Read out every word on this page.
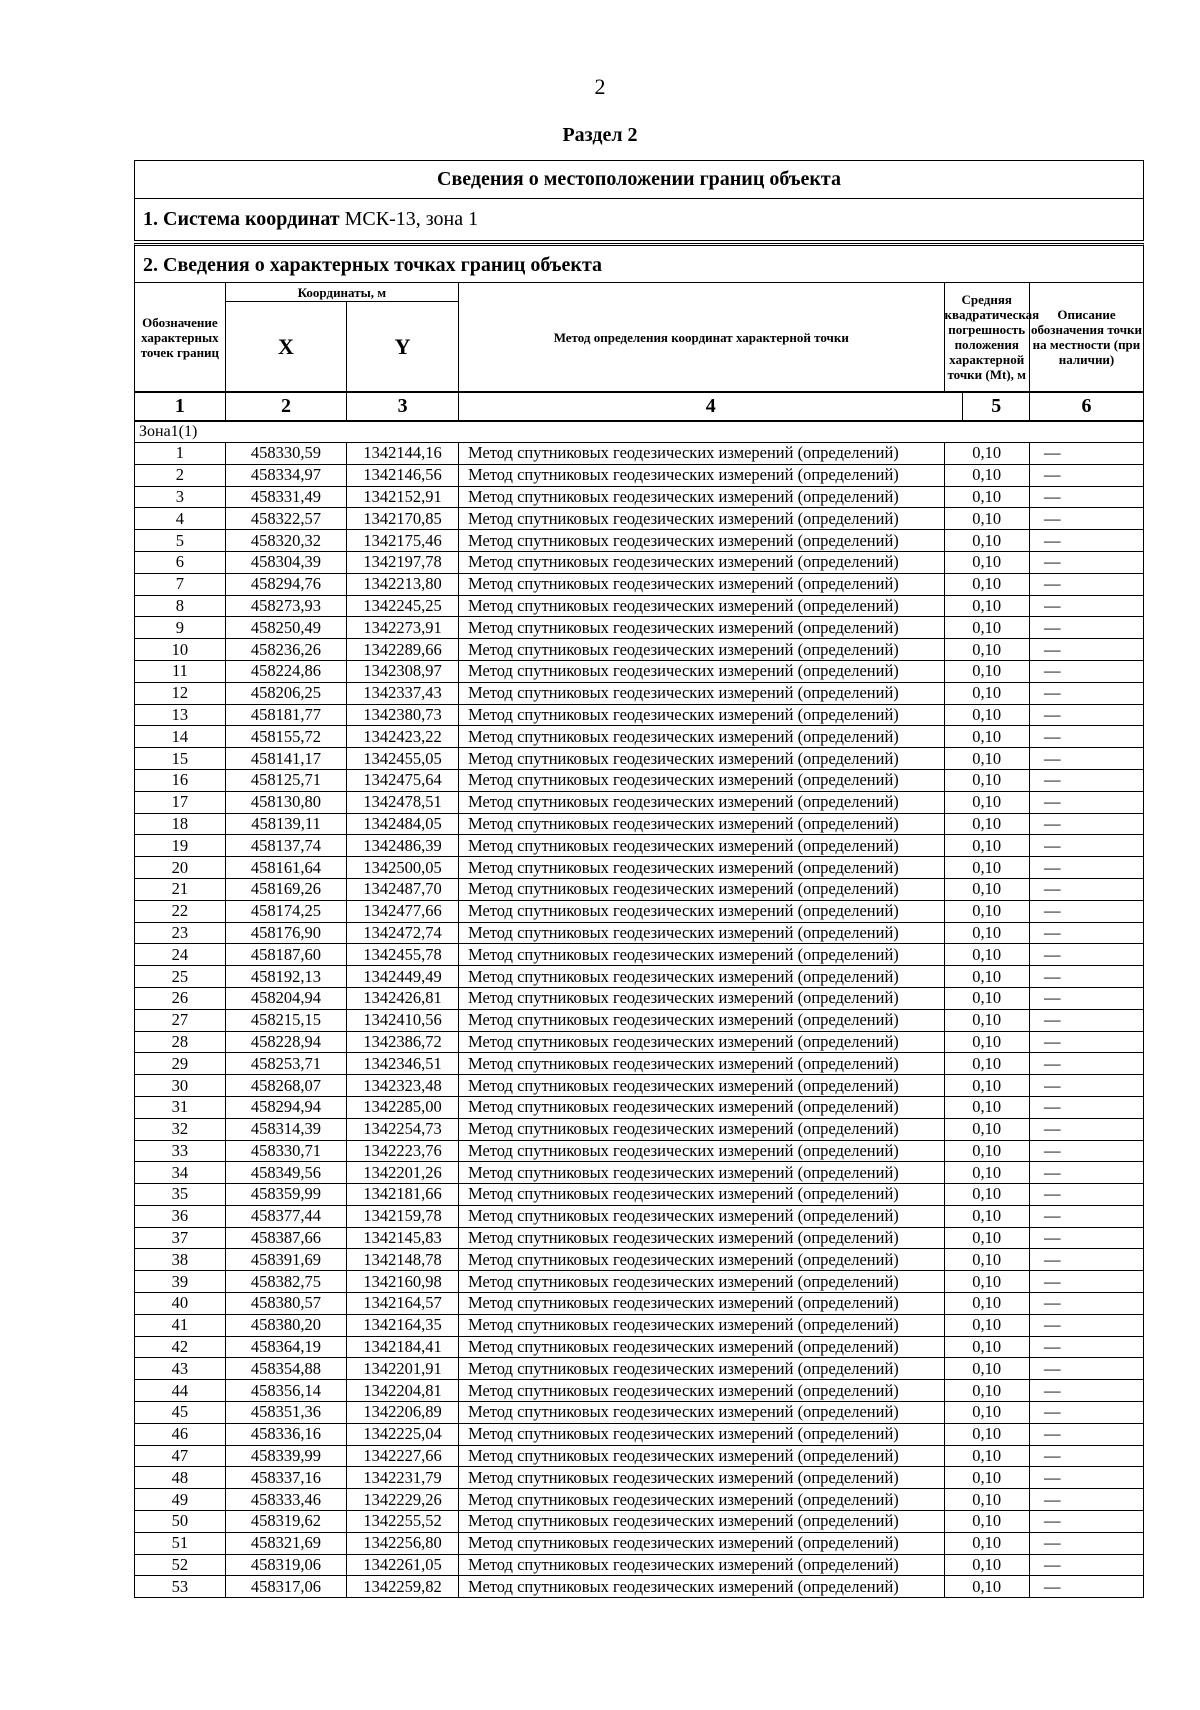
2
Раздел 2
Сведения о местоположении границ объекта
1. Система координат МСК-13, зона 1
2. Сведения о характерных точках границ объекта
Обозначение характерных точек границ	Координаты, м		Метод определения координат характерной точки	Средняя квадратическая погрешность положения характерной точки (Mt), м		Описание обозначения точки на местности (при наличии)
	X	Y				
1	2	3	4		5	6
Зона1(1)						
1	458330,59	1342144,16	Метод спутниковых геодезических измерений (определений)	0,10		—
2	458334,97	1342146,56	Метод спутниковых геодезических измерений (определений)	0,10		—
3	458331,49	1342152,91	Метод спутниковых геодезических измерений (определений)	0,10		—
4	458322,57	1342170,85	Метод спутниковых геодезических измерений (определений)	0,10		—
5	458320,32	1342175,46	Метод спутниковых геодезических измерений (определений)	0,10		—
6	458304,39	1342197,78	Метод спутниковых геодезических измерений (определений)	0,10		—
7	458294,76	1342213,80	Метод спутниковых геодезических измерений (определений)	0,10		—
8	458273,93	1342245,25	Метод спутниковых геодезических измерений (определений)	0,10		—
9	458250,49	1342273,91	Метод спутниковых геодезических измерений (определений)	0,10		—
10	458236,26	1342289,66	Метод спутниковых геодезических измерений (определений)	0,10		—
11	458224,86	1342308,97	Метод спутниковых геодезических измерений (определений)	0,10		—
12	458206,25	1342337,43	Метод спутниковых геодезических измерений (определений)	0,10		—
13	458181,77	1342380,73	Метод спутниковых геодезических измерений (определений)	0,10		—
14	458155,72	1342423,22	Метод спутниковых геодезических измерений (определений)	0,10		—
15	458141,17	1342455,05	Метод спутниковых геодезических измерений (определений)	0,10		—
16	458125,71	1342475,64	Метод спутниковых геодезических измерений (определений)	0,10		—
17	458130,80	1342478,51	Метод спутниковых геодезических измерений (определений)	0,10		—
18	458139,11	1342484,05	Метод спутниковых геодезических измерений (определений)	0,10		—
19	458137,74	1342486,39	Метод спутниковых геодезических измерений (определений)	0,10		—
20	458161,64	1342500,05	Метод спутниковых геодезических измерений (определений)	0,10		—
21	458169,26	1342487,70	Метод спутниковых геодезических измерений (определений)	0,10		—
22	458174,25	1342477,66	Метод спутниковых геодезических измерений (определений)	0,10		—
23	458176,90	1342472,74	Метод спутниковых геодезических измерений (определений)	0,10		—
24	458187,60	1342455,78	Метод спутниковых геодезических измерений (определений)	0,10		—
25	458192,13	1342449,49	Метод спутниковых геодезических измерений (определений)	0,10		—
26	458204,94	1342426,81	Метод спутниковых геодезических измерений (определений)	0,10		—
27	458215,15	1342410,56	Метод спутниковых геодезических измерений (определений)	0,10		—
28	458228,94	1342386,72	Метод спутниковых геодезических измерений (определений)	0,10		—
29	458253,71	1342346,51	Метод спутниковых геодезических измерений (определений)	0,10		—
30	458268,07	1342323,48	Метод спутниковых геодезических измерений (определений)	0,10		—
31	458294,94	1342285,00	Метод спутниковых геодезических измерений (определений)	0,10		—
32	458314,39	1342254,73	Метод спутниковых геодезических измерений (определений)	0,10		—
33	458330,71	1342223,76	Метод спутниковых геодезических измерений (определений)	0,10		—
34	458349,56	1342201,26	Метод спутниковых геодезических измерений (определений)	0,10		—
35	458359,99	1342181,66	Метод спутниковых геодезических измерений (определений)	0,10		—
36	458377,44	1342159,78	Метод спутниковых геодезических измерений (определений)	0,10		—
37	458387,66	1342145,83	Метод спутниковых геодезических измерений (определений)	0,10		—
38	458391,69	1342148,78	Метод спутниковых геодезических измерений (определений)	0,10		—
39	458382,75	1342160,98	Метод спутниковых геодезических измерений (определений)	0,10		—
40	458380,57	1342164,57	Метод спутниковых геодезических измерений (определений)	0,10		—
41	458380,20	1342164,35	Метод спутниковых геодезических измерений (определений)	0,10		—
42	458364,19	1342184,41	Метод спутниковых геодезических измерений (определений)	0,10		—
43	458354,88	1342201,91	Метод спутниковых геодезических измерений (определений)	0,10		—
44	458356,14	1342204,81	Метод спутниковых геодезических измерений (определений)	0,10		—
45	458351,36	1342206,89	Метод спутниковых геодезических измерений (определений)	0,10		—
46	458336,16	1342225,04	Метод спутниковых геодезических измерений (определений)	0,10		—
47	458339,99	1342227,66	Метод спутниковых геодезических измерений (определений)	0,10		—
48	458337,16	1342231,79	Метод спутниковых геодезических измерений (определений)	0,10		—
49	458333,46	1342229,26	Метод спутниковых геодезических измерений (определений)	0,10		—
50	458319,62	1342255,52	Метод спутниковых геодезических измерений (определений)	0,10		—
51	458321,69	1342256,80	Метод спутниковых геодезических измерений (определений)	0,10		—
52	458319,06	1342261,05	Метод спутниковых геодезических измерений (определений)	0,10		—
53	458317,06	1342259,82	Метод спутниковых геодезических измерений (определений)	0,10		—
